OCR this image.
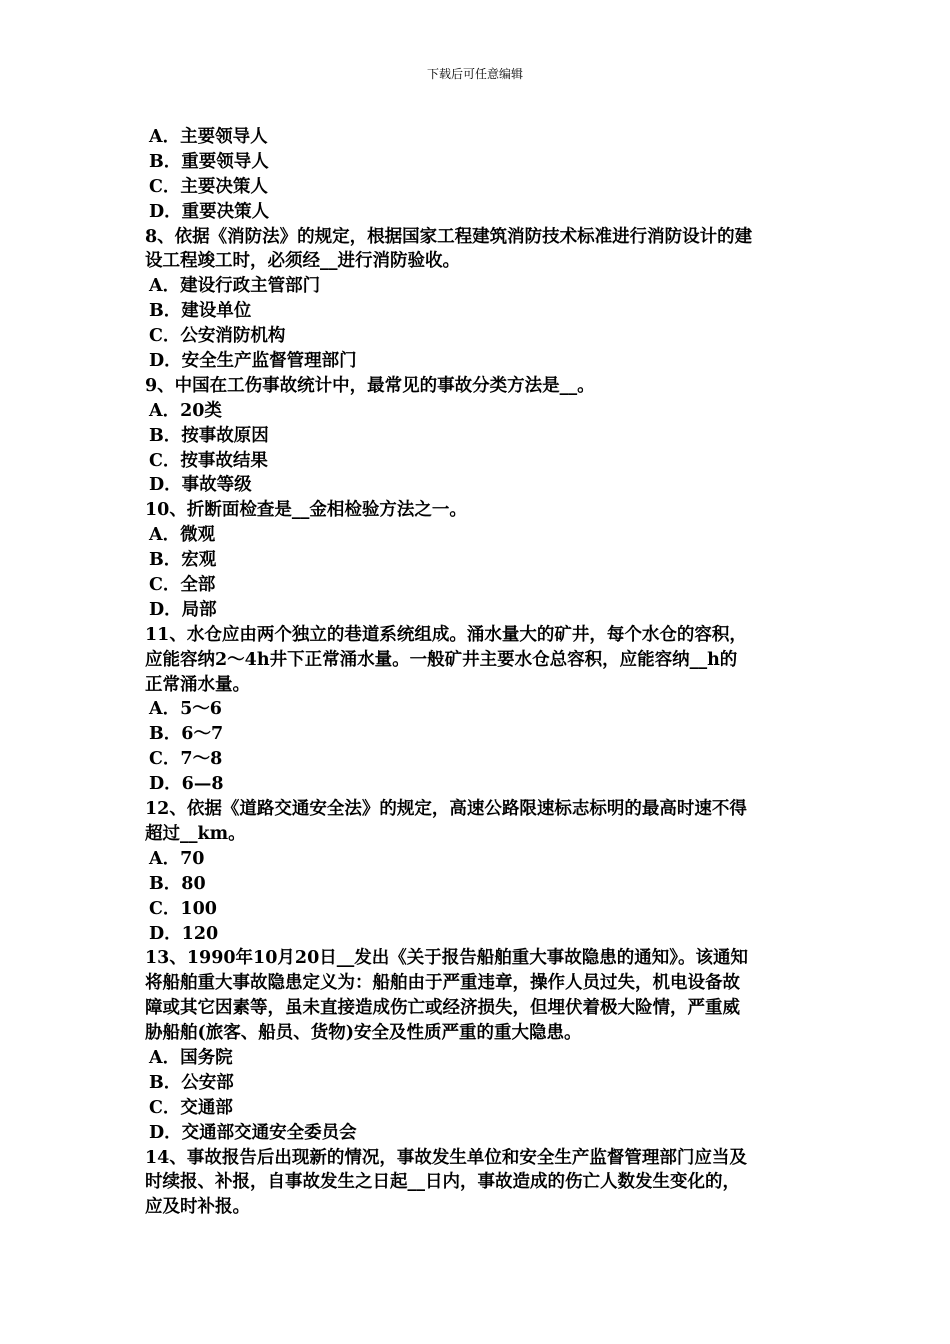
下载后可任意编辑
A．主要领导人
B．重要领导人
C．主要决策人
D．重要决策人
8、依据《消防法》的规定，根据国家工程建筑消防技术标准进行消防设计的建
设工程竣工时，必须经__进行消防验收。
A．建设行政主管部门
B．建设单位
C．公安消防机构
D．安全生产监督管理部门
9、中国在工伤事故统计中，最常见的事故分类方法是__。
A．20类
B．按事故原因
C．按事故结果
D．事故等级
10、折断面检查是__金相检验方法之一。
A．微观
B．宏观
C．全部
D．局部
11、水仓应由两个独立的巷道系统组成。涌水量大的矿井，每个水仓的容积，
应能容纳2～4h井下正常涌水量。一般矿井主要水仓总容积，应能容纳__h的
正常涌水量。
A．5～6
B．6～7
C．7～8
D．6—8
12、依据《道路交通安全法》的规定，高速公路限速标志标明的最高时速不得
超过__km。
A．70
B．80
C．100
D．120
13、1990年10月20日__发出《关于报告船舶重大事故隐患的通知》。该通知
将船舶重大事故隐患定义为：船舶由于严重违章，操作人员过失，机电设备故
障或其它因素等，虽未直接造成伤亡或经济损失，但埋伏着极大险情，严重威
胁船舶(旅客、船员、货物)安全及性质严重的重大隐患。
A．国务院
B．公安部
C．交通部
D．交通部交通安全委员会
14、事故报告后出现新的情况，事故发生单位和安全生产监督管理部门应当及
时续报、补报，自事故发生之日起__日内，事故造成的伤亡人数发生变化的，
应及时补报。
